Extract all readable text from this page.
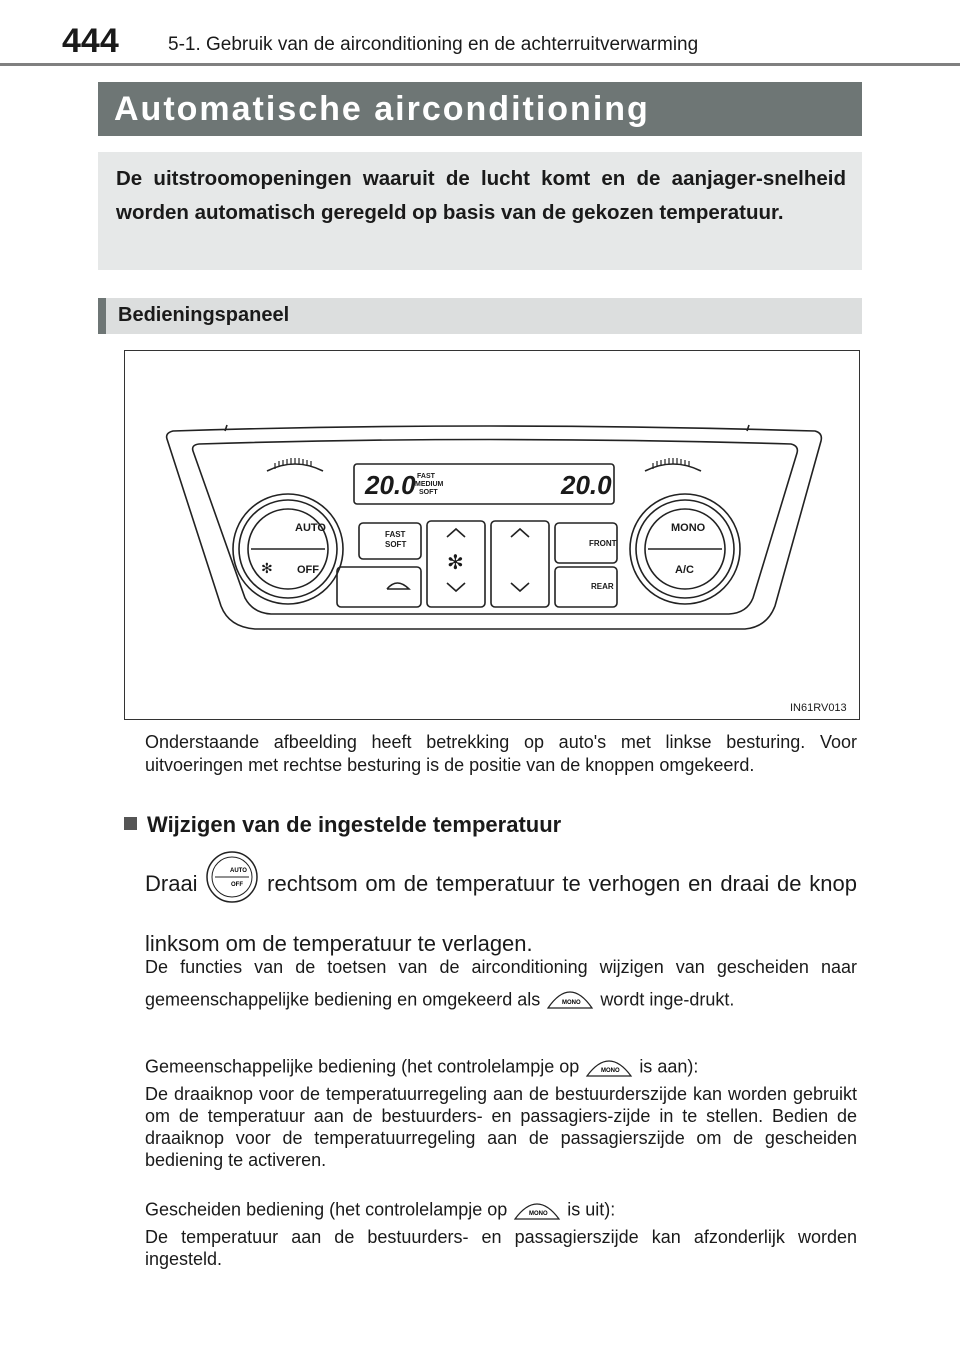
444	5-1. Gebruik van de airconditioning en de achterruitverwarming
Automatische airconditioning

De uitstroomopeningen waaruit de lucht komt en de aanjager-snelheid worden automatisch geregeld op basis van de gekozen temperatuur.

Bedieningspaneel
20.0	20.0
FAST
MEDIUM
SOFT
AUTO
OFF
FAST
SOFT
MONO
A/C
FRONT
REAR
✻
✻
IN61RV013

Onderstaande afbeelding heeft betrekking op auto's met linkse besturing. Voor uitvoeringen met rechtse besturing is de positie van de knoppen omgekeerd.

Wijzigen van de ingestelde temperatuur

Draai	AUTO
OFF rechtsom om de temperatuur te verhogen en draai de knop linksom om de temperatuur te verlagen.

De functies van de toetsen van de airconditioning wijzigen van gescheiden naar gemeenschappelijke bediening en omgekeerd als	MONO wordt inge-drukt.

Gemeenschappelijke bediening (het controlelampje op	MONO is aan):
De draaiknop voor de temperatuurregeling aan de bestuurderszijde kan worden gebruikt om de temperatuur aan de bestuurders- en passagiers-zijde in te stellen. Bedien de draaiknop voor de temperatuurregeling aan de passagierszijde om de gescheiden bediening te activeren.

Gescheiden bediening (het controlelampje op	MONO is uit):
De temperatuur aan de bestuurders- en passagierszijde kan afzonderlijk worden ingesteld.
